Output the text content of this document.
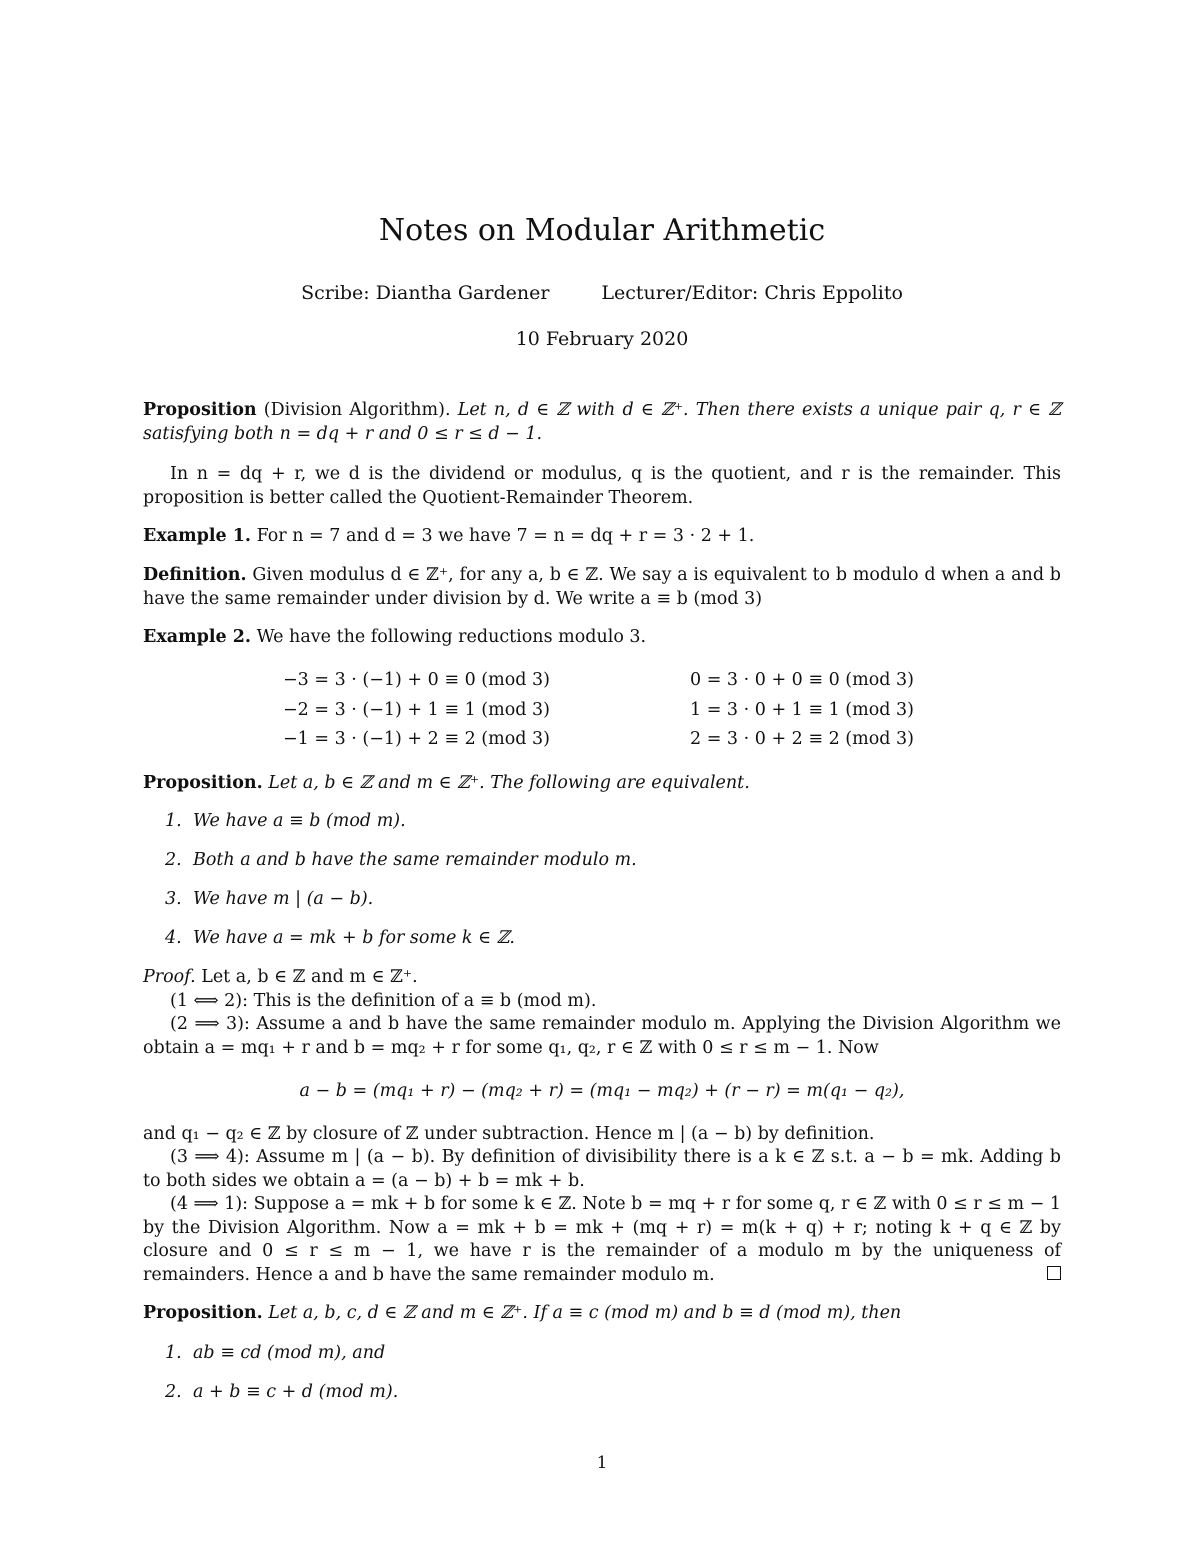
Notes on Modular Arithmetic
Scribe: Diantha Gardener	Lecturer/Editor: Chris Eppolito
10 February 2020
Proposition (Division Algorithm). Let n, d ∈ ℤ with d ∈ ℤ⁺. Then there exists a unique pair q, r ∈ ℤ satisfying both n = dq + r and 0 ≤ r ≤ d − 1.
In n = dq + r, we d is the dividend or modulus, q is the quotient, and r is the remainder. This proposition is better called the Quotient-Remainder Theorem.
Example 1. For n = 7 and d = 3 we have 7 = n = dq + r = 3 · 2 + 1.
Definition. Given modulus d ∈ ℤ⁺, for any a, b ∈ ℤ. We say a is equivalent to b modulo d when a and b have the same remainder under division by d. We write a ≡ b (mod 3)
Example 2. We have the following reductions modulo 3.
−3 = 3 · (−1) + 0 ≡ 0 (mod 3)	0 = 3 · 0 + 0 ≡ 0 (mod 3)
−2 = 3 · (−1) + 1 ≡ 1 (mod 3)	1 = 3 · 0 + 1 ≡ 1 (mod 3)
−1 = 3 · (−1) + 2 ≡ 2 (mod 3)	2 = 3 · 0 + 2 ≡ 2 (mod 3)
Proposition. Let a, b ∈ ℤ and m ∈ ℤ⁺. The following are equivalent.
1. We have a ≡ b (mod m).
2. Both a and b have the same remainder modulo m.
3. We have m | (a − b).
4. We have a = mk + b for some k ∈ ℤ.
Proof. Let a, b ∈ ℤ and m ∈ ℤ⁺.
(1 ⟺ 2): This is the definition of a ≡ b (mod m).
(2 ⟹ 3): Assume a and b have the same remainder modulo m. Applying the Division Algorithm we obtain a = mq₁ + r and b = mq₂ + r for some q₁, q₂, r ∈ ℤ with 0 ≤ r ≤ m − 1. Now
a − b = (mq₁ + r) − (mq₂ + r) = (mq₁ − mq₂) + (r − r) = m(q₁ − q₂),
and q₁ − q₂ ∈ ℤ by closure of ℤ under subtraction. Hence m | (a − b) by definition.
(3 ⟹ 4): Assume m | (a − b). By definition of divisibility there is a k ∈ ℤ s.t. a − b = mk. Adding b to both sides we obtain a = (a − b) + b = mk + b.
(4 ⟹ 1): Suppose a = mk + b for some k ∈ ℤ. Note b = mq + r for some q, r ∈ ℤ with 0 ≤ r ≤ m − 1 by the Division Algorithm. Now a = mk + b = mk + (mq + r) = m(k + q) + r; noting k + q ∈ ℤ by closure and 0 ≤ r ≤ m − 1, we have r is the remainder of a modulo m by the uniqueness of remainders. Hence a and b have the same remainder modulo m.
Proposition. Let a, b, c, d ∈ ℤ and m ∈ ℤ⁺. If a ≡ c (mod m) and b ≡ d (mod m), then
1. ab ≡ cd (mod m), and
2. a + b ≡ c + d (mod m).
1
